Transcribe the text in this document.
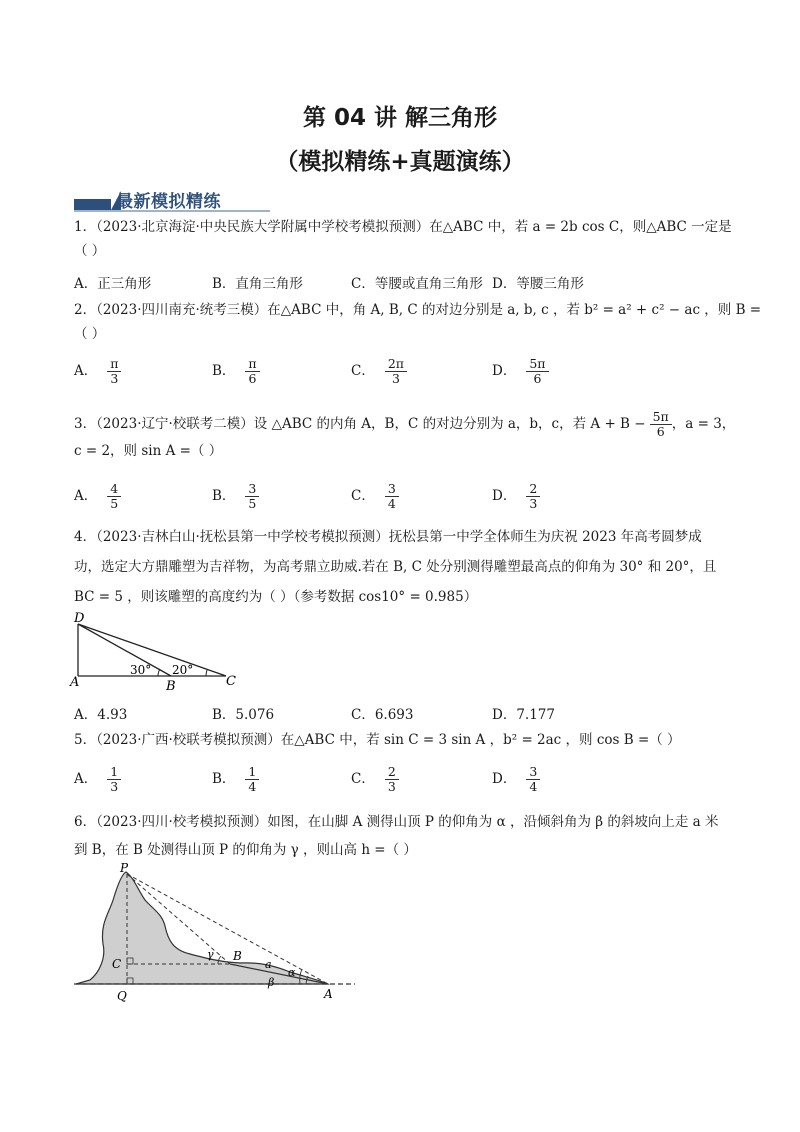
第 04 讲 解三角形
（模拟精练+真题演练）
最新模拟精练
1．（2023·北京海淀·中央民族大学附属中学校考模拟预测）在△ABC 中，若 a = 2b cos C，则△ABC 一定是
（ ）
A．正三角形	B．直角三角形	C．等腰或直角三角形 D．等腰三角形
2．（2023·四川南充·统考三模）在△ABC 中，角 A, B, C 的对边分别是 a, b, c ，若 b² = a² + c² − ac ，则 B =
（ ）
A． $\frac{\pi}{3}$	B． $\frac{\pi}{6}$	C． $\frac{2\pi}{3}$	D． $\frac{5\pi}{6}$
3．（2023·辽宁·校联考二模）设 △ABC 的内角 A，B，C 的对边分别为 a，b，c，若 $A + B - \frac{5\pi}{6}$ ，a = 3，
c = 2，则 sin A =（ ）
A． $\frac{4}{5}$	B． $\frac{3}{5}$	C． $\frac{3}{4}$	D． $\frac{2}{3}$
4．（2023·吉林白山·抚松县第一中学校考模拟预测）抚松县第一中学全体师生为庆祝 2023 年高考圆梦成
功，选定大方鼎雕塑为吉祥物，为高考鼎立助威.若在 B, C 处分别测得雕塑最高点的仰角为 30° 和 20°，且
BC = 5 ，则该雕塑的高度约为（ ）（参考数据 cos10° = 0.985）
D
A	B	C
30° 20°
A．4.93	B．5.076	C．6.693	D．7.177
5．（2023·广西·校联考模拟预测）在△ABC 中，若 sin C = 3 sin A ，b² = 2ac ，则 cos B =（ ）
A． $\frac{1}{3}$	B． $\frac{1}{4}$	C． $\frac{2}{3}$	D． $\frac{3}{4}$
6．（2023·四川·校考模拟预测）如图，在山脚 A 测得山顶 P 的仰角为 α ，沿倾斜角为 β 的斜坡向上走 a 米
到 B，在 B 处测得山顶 P 的仰角为 γ ，则山高 h =（ ）
P
C
B
Q	A
γ
α
β
a
